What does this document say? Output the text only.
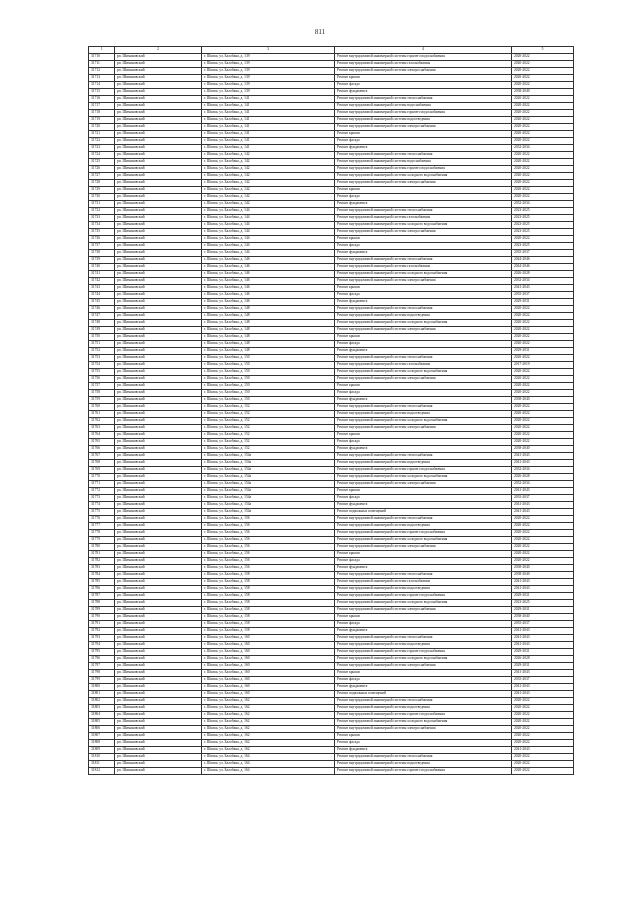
811
1	2	3	4	5
31710	рп. Шимановский	г. Шилка, ул. Балобана, д. 139	Ремонт внутридомовой инженерной системы горячего водоснабжения	2020-2022
31711	рп. Шимановский	г. Шилка, ул. Балобана, д. 139	Ремонт внутридомовой инженерной системы газоснабжения	2020-2022
31712	рп. Шимановский	г. Шилка, ул. Балобана, д. 139	Ремонт внутридомовой инженерной системы электроснабжения	2020-2022
31713	рп. Шимановский	г. Шилка, ул. Балобана, д. 139	Ремонт крыши	2020-2022
31714	рп. Шимановский	г. Шилка, ул. Балобана, д. 139	Ремонт фасада	2020-2022
31715	рп. Шимановский	г. Шилка, ул. Балобана, д. 139	Ремонт фундамента	2038-2040
31716	рп. Шимановский	г. Шилка, ул. Балобана, д. 141	Ремонт внутридомовой инженерной системы теплоснабжения	2020-2022
31717	рп. Шимановский	г. Шилка, ул. Балобана, д. 141	Ремонт внутридомовой инженерной системы водоснабжения	2020-2022
31718	рп. Шимановский	г. Шилка, ул. Балобана, д. 141	Ремонт внутридомовой инженерной системы горячего водоснабжения	2020-2022
31719	рп. Шимановский	г. Шилка, ул. Балобана, д. 141	Ремонт внутридомовой инженерной системы водоотведения	2020-2022
31720	рп. Шимановский	г. Шилка, ул. Балобана, д. 141	Ремонт внутридомовой инженерной системы электроснабжения	2020-2022
31721	рп. Шимановский	г. Шилка, ул. Балобана, д. 141	Ремонт крыши	2020-2022
31722	рп. Шимановский	г. Шилка, ул. Балобана, д. 141	Ремонт фасада	2020-2022
31723	рп. Шимановский	г. Шилка, ул. Балобана, д. 141	Ремонт фундамента	2032-2034
31724	рп. Шимановский	г. Шилка, ул. Балобана, д. 142	Ремонт внутридомовой инженерной системы теплоснабжения	2020-2022
31725	рп. Шимановский	г. Шилка, ул. Балобана, д. 142	Ремонт внутридомовой инженерной системы водоснабжения	2020-2022
31726	рп. Шимановский	г. Шилка, ул. Балобана, д. 142	Ремонт внутридомовой инженерной системы горячего водоснабжения	2020-2022
31727	рп. Шимановский	г. Шилка, ул. Балобана, д. 142	Ремонт внутридомовой инженерной системы холодного водоснабжения	2020-2022
31728	рп. Шимановский	г. Шилка, ул. Балобана, д. 142	Ремонт внутридомовой инженерной системы электроснабжения	2020-2022
31729	рп. Шимановский	г. Шилка, ул. Балобана, д. 142	Ремонт крыши	2020-2022
31730	рп. Шимановский	г. Шилка, ул. Балобана, д. 142	Ремонт фасада	2020-2022
31731	рп. Шимановский	г. Шилка, ул. Балобана, д. 142	Ремонт фундамента	2032-2034
31732	рп. Шимановский	г. Шилка, ул. Балобана, д. 144	Ремонт внутридомовой инженерной системы теплоснабжения	2023-2025
31733	рп. Шимановский	г. Шилка, ул. Балобана, д. 144	Ремонт внутридомовой инженерной системы газоснабжения	2023-2025
31734	рп. Шимановский	г. Шилка, ул. Балобана, д. 144	Ремонт внутридомовой инженерной системы холодного водоснабжения	2023-2025
31735	рп. Шимановский	г. Шилка, ул. Балобана, д. 144	Ремонт внутридомовой инженерной системы электроснабжения	2023-2025
31736	рп. Шимановский	г. Шилка, ул. Балобана, д. 144	Ремонт крыши	2020-2022
31737	рп. Шимановский	г. Шилка, ул. Балобана, д. 144	Ремонт фасада	2023-2025
31738	рп. Шимановский	г. Шилка, ул. Балобана, д. 144	Ремонт фундамента	2035-2037
31739	рп. Шимановский	г. Шилка, ул. Балобана, д. 146	Ремонт внутридомовой инженерной системы теплоснабжения	2044-2046
31740	рп. Шимановский	г. Шилка, ул. Балобана, д. 146	Ремонт внутридомовой инженерной системы газоснабжения	2044-2046
31741	рп. Шимановский	г. Шилка, ул. Балобана, д. 146	Ремонт внутридомовой инженерной системы холодного водоснабжения	2026-2028
31742	рп. Шимановский	г. Шилка, ул. Балобана, д. 146	Ремонт внутридомовой инженерной системы электроснабжения	2032-2034
31743	рп. Шимановский	г. Шилка, ул. Балобана, д. 146	Ремонт крыши	2041-2043
31744	рп. Шимановский	г. Шилка, ул. Балобана, д. 146	Ремонт фасада	2035-2037
31745	рп. Шимановский	г. Шилка, ул. Балобана, д. 146	Ремонт фундамента	2029-2031
31746	рп. Шимановский	г. Шилка, ул. Балобана, д. 148	Ремонт внутридомовой инженерной системы теплоснабжения	2020-2022
31747	рп. Шимановский	г. Шилка, ул. Балобана, д. 148	Ремонт внутридомовой инженерной системы водоотведения	2020-2022
31748	рп. Шимановский	г. Шилка, ул. Балобана, д. 148	Ремонт внутридомовой инженерной системы холодного водоснабжения	2020-2022
31749	рп. Шимановский	г. Шилка, ул. Балобана, д. 148	Ремонт внутридомовой инженерной системы электроснабжения	2020-2022
31750	рп. Шимановский	г. Шилка, ул. Балобана, д. 148	Ремонт крыши	2020-2022
31751	рп. Шимановский	г. Шилка, ул. Балобана, д. 148	Ремонт фасада	2020-2022
31752	рп. Шимановский	г. Шилка, ул. Балобана, д. 148	Ремонт фундамента	2029-2031
31753	рп. Шимановский	г. Шилка, ул. Балобана, д. 150	Ремонт внутридомовой инженерной системы теплоснабжения	2020-2022
31754	рп. Шимановский	г. Шилка, ул. Балобана, д. 150	Ремонт внутридомовой инженерной системы газоснабжения	2017-2019
31755	рп. Шимановский	г. Шилка, ул. Балобана, д. 150	Ремонт внутридомовой инженерной системы холодного водоснабжения	2020-2022
31756	рп. Шимановский	г. Шилка, ул. Балобана, д. 150	Ремонт внутридомовой инженерной системы электроснабжения	2020-2022
31757	рп. Шимановский	г. Шилка, ул. Балобана, д. 150	Ремонт крыши	2020-2022
31758	рп. Шимановский	г. Шилка, ул. Балобана, д. 150	Ремонт фасада	2020-2022
31759	рп. Шимановский	г. Шилка, ул. Балобана, д. 150	Ремонт фундамента	2038-2040
31760	рп. Шимановский	г. Шилка, ул. Балобана, д. 152	Ремонт внутридомовой инженерной системы теплоснабжения	2020-2022
31761	рп. Шимановский	г. Шилка, ул. Балобана, д. 152	Ремонт внутридомовой инженерной системы водоотведения	2020-2022
31762	рп. Шимановский	г. Шилка, ул. Балобана, д. 152	Ремонт внутридомовой инженерной системы холодного водоснабжения	2020-2022
31763	рп. Шимановский	г. Шилка, ул. Балобана, д. 152	Ремонт внутридомовой инженерной системы электроснабжения	2020-2022
31764	рп. Шимановский	г. Шилка, ул. Балобана, д. 152	Ремонт крыши	2020-2022
31765	рп. Шимановский	г. Шилка, ул. Балобана, д. 152	Ремонт фасада	2020-2022
31766	рп. Шимановский	г. Шилка, ул. Балобана, д. 152	Ремонт фундамента	2038-2040
31767	рп. Шимановский	г. Шилка, ул. Балобана, д. 154а	Ремонт внутридомовой инженерной системы теплоснабжения	2041-2043
31768	рп. Шимановский	г. Шилка, ул. Балобана, д. 154а	Ремонт внутридомовой инженерной системы водоотведения	2041-2043
31769	рп. Шимановский	г. Шилка, ул. Балобана, д. 154а	Ремонт внутридомовой инженерной системы горячего водоснабжения	2032-2034
31770	рп. Шимановский	г. Шилка, ул. Балобана, д. 154а	Ремонт внутридомовой инженерной системы холодного водоснабжения	2026-2028
31771	рп. Шимановский	г. Шилка, ул. Балобана, д. 154а	Ремонт внутридомовой инженерной системы электроснабжения	2032-2034
31772	рп. Шимановский	г. Шилка, ул. Балобана, д. 154а	Ремонт крыши	2041-2043
31773	рп. Шимановский	г. Шилка, ул. Балобана, д. 154а	Ремонт фасада	2035-2037
31774	рп. Шимановский	г. Шилка, ул. Балобана, д. 154а	Ремонт фундамента	2041-2043
31775	рп. Шимановский	г. Шилка, ул. Балобана, д. 154а	Ремонт подвальных помещений	2041-2043
31776	рп. Шимановский	г. Шилка, ул. Балобана, д. 156	Ремонт внутридомовой инженерной системы теплоснабжения	2020-2022
31777	рп. Шимановский	г. Шилка, ул. Балобана, д. 156	Ремонт внутридомовой инженерной системы водоотведения	2020-2022
31778	рп. Шимановский	г. Шилка, ул. Балобана, д. 156	Ремонт внутридомовой инженерной системы горячего водоснабжения	2020-2022
31779	рп. Шимановский	г. Шилка, ул. Балобана, д. 156	Ремонт внутридомовой инженерной системы холодного водоснабжения	2020-2022
31780	рп. Шимановский	г. Шилка, ул. Балобана, д. 156	Ремонт внутридомовой инженерной системы электроснабжения	2020-2022
31781	рп. Шимановский	г. Шилка, ул. Балобана, д. 156	Ремонт крыши	2020-2022
31782	рп. Шимановский	г. Шилка, ул. Балобана, д. 156	Ремонт фасада	2020-2022
31783	рп. Шимановский	г. Шилка, ул. Балобана, д. 156	Ремонт фундамента	2038-2040
31784	рп. Шимановский	г. Шилка, ул. Балобана, д. 158	Ремонт внутридомовой инженерной системы теплоснабжения	2038-2040
31785	рп. Шимановский	г. Шилка, ул. Балобана, д. 158	Ремонт внутридомовой инженерной системы газоснабжения	2041-2043
31786	рп. Шимановский	г. Шилка, ул. Балобана, д. 158	Ремонт внутридомовой инженерной системы водоотведения	2041-2043
31787	рп. Шимановский	г. Шилка, ул. Балобана, д. 158	Ремонт внутридомовой инженерной системы горячего водоснабжения	2029-2031
31788	рп. Шимановский	г. Шилка, ул. Балобана, д. 158	Ремонт внутридомовой инженерной системы холодного водоснабжения	2023-2025
31789	рп. Шимановский	г. Шилка, ул. Балобана, д. 158	Ремонт внутридомовой инженерной системы электроснабжения	2029-2031
31790	рп. Шимановский	г. Шилка, ул. Балобана, д. 158	Ремонт крыши	2038-2040
31791	рп. Шимановский	г. Шилка, ул. Балобана, д. 158	Ремонт фасада	2035-2037
31792	рп. Шимановский	г. Шилка, ул. Балобана, д. 158	Ремонт фундамента	2041-2043
31793	рп. Шимановский	г. Шилка, ул. Балобана, д. 160	Ремонт внутридомовой инженерной системы теплоснабжения	2041-2043
31794	рп. Шимановский	г. Шилка, ул. Балобана, д. 160	Ремонт внутридомовой инженерной системы водоотведения	2041-2043
31795	рп. Шимановский	г. Шилка, ул. Балобана, д. 160	Ремонт внутридомовой инженерной системы горячего водоснабжения	2029-2031
31796	рп. Шимановский	г. Шилка, ул. Балобана, д. 160	Ремонт внутридомовой инженерной системы холодного водоснабжения	2026-2028
31797	рп. Шимановский	г. Шилка, ул. Балобана, д. 160	Ремонт внутридомовой инженерной системы электроснабжения	2029-2031
31798	рп. Шимановский	г. Шилка, ул. Балобана, д. 160	Ремонт крыши	2041-2043
31799	рп. Шимановский	г. Шилка, ул. Балобана, д. 160	Ремонт фасада	2035-2037
31800	рп. Шимановский	г. Шилка, ул. Балобана, д. 160	Ремонт фундамента	2041-2043
31801	рп. Шимановский	г. Шилка, ул. Балобана, д. 160	Ремонт подвальных помещений	2041-2043
31802	рп. Шимановский	г. Шилка, ул. Балобана, д. 162	Ремонт внутридомовой инженерной системы теплоснабжения	2020-2022
31803	рп. Шимановский	г. Шилка, ул. Балобана, д. 162	Ремонт внутридомовой инженерной системы водоотведения	2020-2022
31804	рп. Шимановский	г. Шилка, ул. Балобана, д. 162	Ремонт внутридомовой инженерной системы горячего водоснабжения	2020-2022
31805	рп. Шимановский	г. Шилка, ул. Балобана, д. 162	Ремонт внутридомовой инженерной системы холодного водоснабжения	2020-2022
31806	рп. Шимановский	г. Шилка, ул. Балобана, д. 162	Ремонт внутридомовой инженерной системы электроснабжения	2020-2022
31807	рп. Шимановский	г. Шилка, ул. Балобана, д. 162	Ремонт крыши	2020-2022
31808	рп. Шимановский	г. Шилка, ул. Балобана, д. 162	Ремонт фасада	2020-2022
31809	рп. Шимановский	г. Шилка, ул. Балобана, д. 162	Ремонт фундамента	2041-2043
31810	рп. Шимановский	г. Шилка, ул. Балобана, д. 164	Ремонт внутридомовой инженерной системы теплоснабжения	2020-2022
31811	рп. Шимановский	г. Шилка, ул. Балобана, д. 164	Ремонт внутридомовой инженерной системы водоотведения	2020-2022
31812	рп. Шимановский	г. Шилка, ул. Балобана, д. 164	Ремонт внутридомовой инженерной системы горячего водоснабжения	2020-2022
